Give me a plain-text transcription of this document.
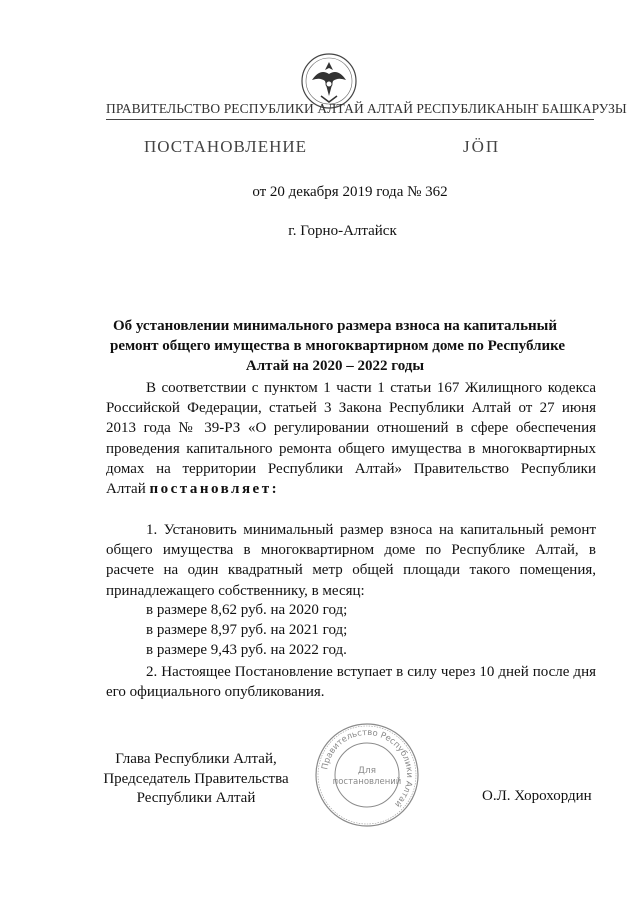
ПРАВИТЕЛЬСТВО РЕСПУБЛИКИ АЛТАЙ АЛТАЙ РЕСПУБЛИКАНЫҤ БАШКАРУЗЫ
ПОСТАНОВЛЕНИЕ	ЈӦП
от 20 декабря 2019 года № 362
г. Горно-Алтайск
Об установлении минимального размера взноса на капитальный
ремонт общего имущества в многоквартирном доме по Республике
Алтай на 2020 – 2022 годы
В соответствии с пунктом 1 части 1 статьи 167 Жилищного кодекса
Российской Федерации, статьей 3 Закона Республики Алтай от 27 июня
2013 года № 39-РЗ «О регулировании отношений в сфере обеспечения
проведения капитального ремонта общего имущества в многоквартирных
домах на территории Республики Алтай» Правительство Республики
Алтай постановляет:
1. Установить минимальный размер взноса на капитальный ремонт
общего имущества в многоквартирном доме по Республике Алтай, в
расчете на один квадратный метр общей площади такого помещения,
принадлежащего собственнику, в месяц:
в размере 8,62 руб. на 2020 год;
в размере 8,97 руб. на 2021 год;
в размере 9,43 руб. на 2022 год.
2. Настоящее Постановление вступает в силу через 10 дней после дня
его официального опубликования.
Глава Республики Алтай,
Председатель Правительства
Республики Алтай
Правительство Республики Алтай
Для
постановлений
О.Л. Хорохордин
